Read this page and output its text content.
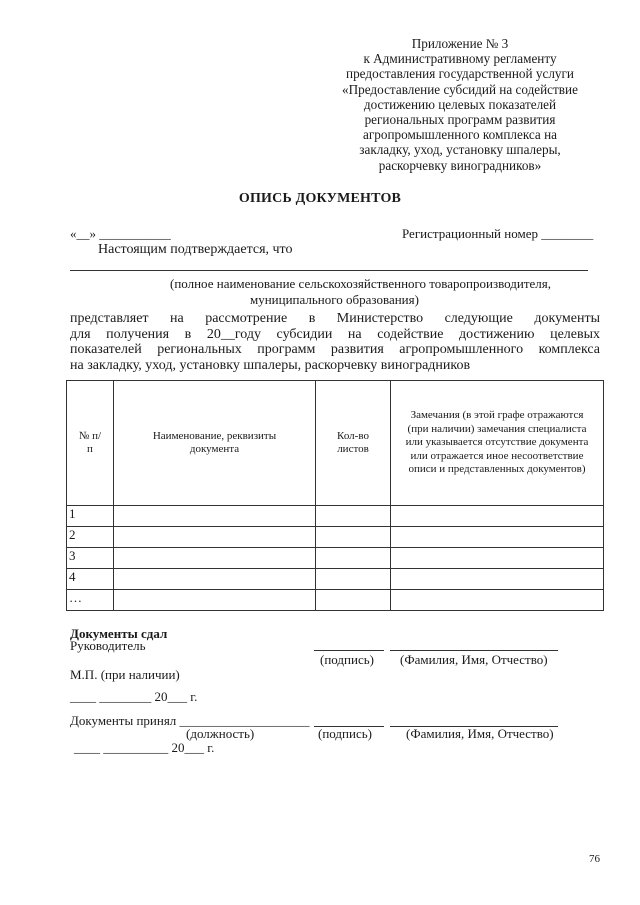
Приложение № 3
к Административному регламенту
предоставления государственной услуги
«Предоставление субсидий на содействие
достижению целевых показателей
региональных программ развития
агропромышленного комплекса на
закладку, уход, установку шпалеры,
раскорчевку виноградников»
ОПИСЬ ДОКУМЕНТОВ
«__» ___________	Регистрационный номер ________
Настоящим подтверждается, что
(полное наименование сельскохозяйственного товаропроизводителя,
муниципального образования)
представляет на рассмотрение в Министерство следующие документы
для получения в 20__году субсидии на содействие достижению целевых
показателей региональных программ развития агропромышленного комплекса
на закладку, уход, установку шпалеры, раскорчевку виноградников
№ п/п	Наименование, реквизиты документа	Кол-во листов	Замечания (в этой графе отражаются (при наличии) замечания специалиста или указывается отсутствие документа или отражается иное несоответствие описи и представленных документов)
1			
2			
3			
4			
…			
Документы сдал
Руководитель
(подпись) (Фамилия, Имя, Отчество)
М.П. (при наличии)
____ ________ 20___ г.
Документы принял ____________________
(должность)	(подпись)	(Фамилия, Имя, Отчество)
____ __________ 20___ г.
76
